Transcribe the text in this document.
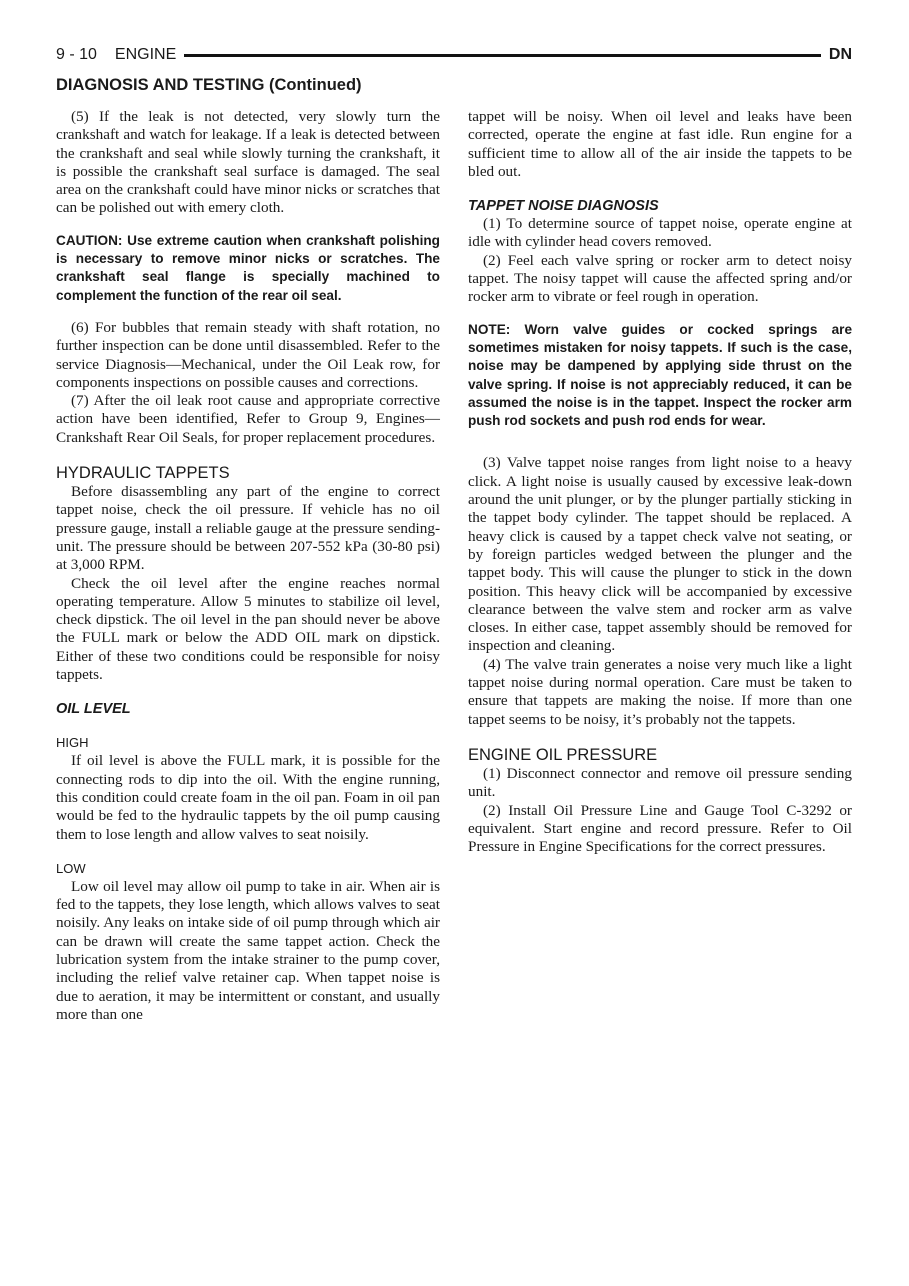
9 - 10 ENGINE	DN
DIAGNOSIS AND TESTING (Continued)

(5) If the leak is not detected, very slowly turn the crankshaft and watch for leakage. If a leak is detected between the crankshaft and seal while slowly turning the crankshaft, it is possible the crankshaft seal surface is damaged. The seal area on the crankshaft could have minor nicks or scratches that can be polished out with emery cloth.

CAUTION: Use extreme caution when crankshaft polishing is necessary to remove minor nicks or scratches. The crankshaft seal flange is specially machined to complement the function of the rear oil seal.

(6) For bubbles that remain steady with shaft rotation, no further inspection can be done until disassembled. Refer to the service Diagnosis—Mechanical, under the Oil Leak row, for components inspections on possible causes and corrections.

(7) After the oil leak root cause and appropriate corrective action have been identified, Refer to Group 9, Engines—Crankshaft Rear Oil Seals, for proper replacement procedures.

HYDRAULIC TAPPETS

Before disassembling any part of the engine to correct tappet noise, check the oil pressure. If vehicle has no oil pressure gauge, install a reliable gauge at the pressure sending-unit. The pressure should be between 207-552 kPa (30-80 psi) at 3,000 RPM.

Check the oil level after the engine reaches normal operating temperature. Allow 5 minutes to stabilize oil level, check dipstick. The oil level in the pan should never be above the FULL mark or below the ADD OIL mark on dipstick. Either of these two conditions could be responsible for noisy tappets.

OIL LEVEL
HIGH

If oil level is above the FULL mark, it is possible for the connecting rods to dip into the oil. With the engine running, this condition could create foam in the oil pan. Foam in oil pan would be fed to the hydraulic tappets by the oil pump causing them to lose length and allow valves to seat noisily.

LOW

Low oil level may allow oil pump to take in air. When air is fed to the tappets, they lose length, which allows valves to seat noisily. Any leaks on intake side of oil pump through which air can be drawn will create the same tappet action. Check the lubrication system from the intake strainer to the pump cover, including the relief valve retainer cap. When tappet noise is due to aeration, it may be intermittent or constant, and usually more than one

tappet will be noisy. When oil level and leaks have been corrected, operate the engine at fast idle. Run engine for a sufficient time to allow all of the air inside the tappets to be bled out.

TAPPET NOISE DIAGNOSIS

(1) To determine source of tappet noise, operate engine at idle with cylinder head covers removed.

(2) Feel each valve spring or rocker arm to detect noisy tappet. The noisy tappet will cause the affected spring and/or rocker arm to vibrate or feel rough in operation.

NOTE: Worn valve guides or cocked springs are sometimes mistaken for noisy tappets. If such is the case, noise may be dampened by applying side thrust on the valve spring. If noise is not appreciably reduced, it can be assumed the noise is in the tappet. Inspect the rocker arm push rod sockets and push rod ends for wear.

(3) Valve tappet noise ranges from light noise to a heavy click. A light noise is usually caused by excessive leak-down around the unit plunger, or by the plunger partially sticking in the tappet body cylinder. The tappet should be replaced. A heavy click is caused by a tappet check valve not seating, or by foreign particles wedged between the plunger and the tappet body. This will cause the plunger to stick in the down position. This heavy click will be accompanied by excessive clearance between the valve stem and rocker arm as valve closes. In either case, tappet assembly should be removed for inspection and cleaning.

(4) The valve train generates a noise very much like a light tappet noise during normal operation. Care must be taken to ensure that tappets are making the noise. If more than one tappet seems to be noisy, it’s probably not the tappets.

ENGINE OIL PRESSURE

(1) Disconnect connector and remove oil pressure sending unit.

(2) Install Oil Pressure Line and Gauge Tool C-3292 or equivalent. Start engine and record pressure. Refer to Oil Pressure in Engine Specifications for the correct pressures.
